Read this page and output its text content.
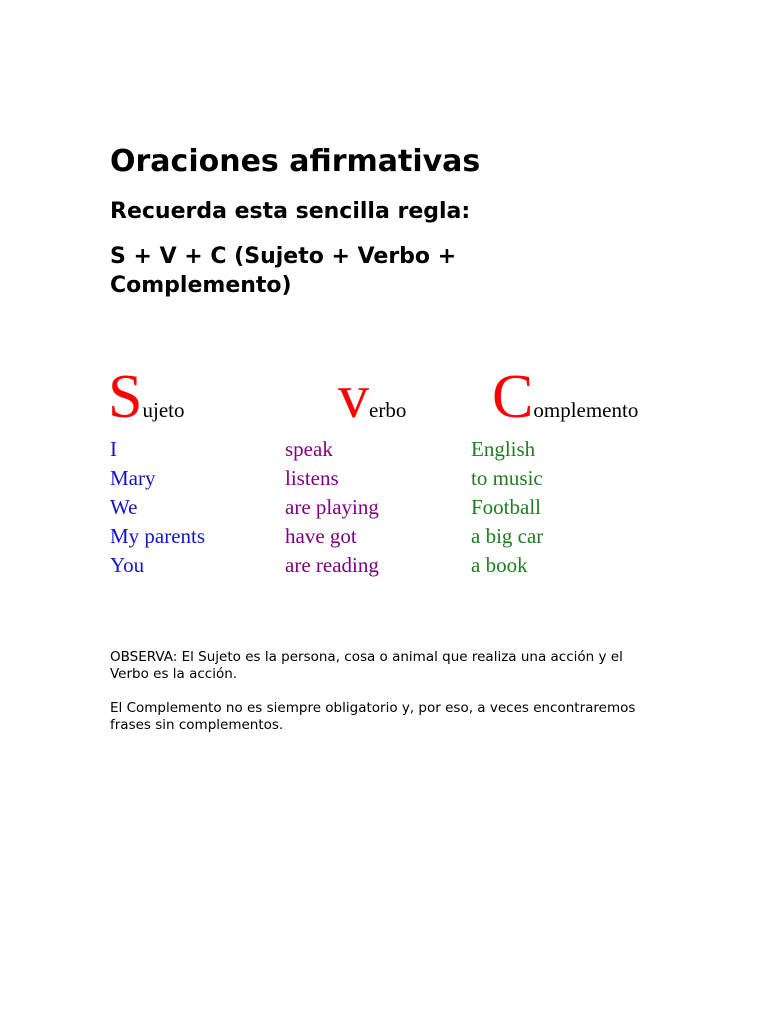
Oraciones afirmativas
Recuerda esta sencilla regla:

S + V + C (Sujeto + Verbo + Complemento)

Sujeto verbo Complemento
I
Mary
We
My parents
You
speak
listens
are playing
have got
are reading
English
to music
Football
a big car
a book

OBSERVA: El Sujeto es la persona, cosa o animal que realiza una acción y el Verbo es la acción.

El Complemento no es siempre obligatorio y, por eso, a veces encontraremos frases sin complementos.
